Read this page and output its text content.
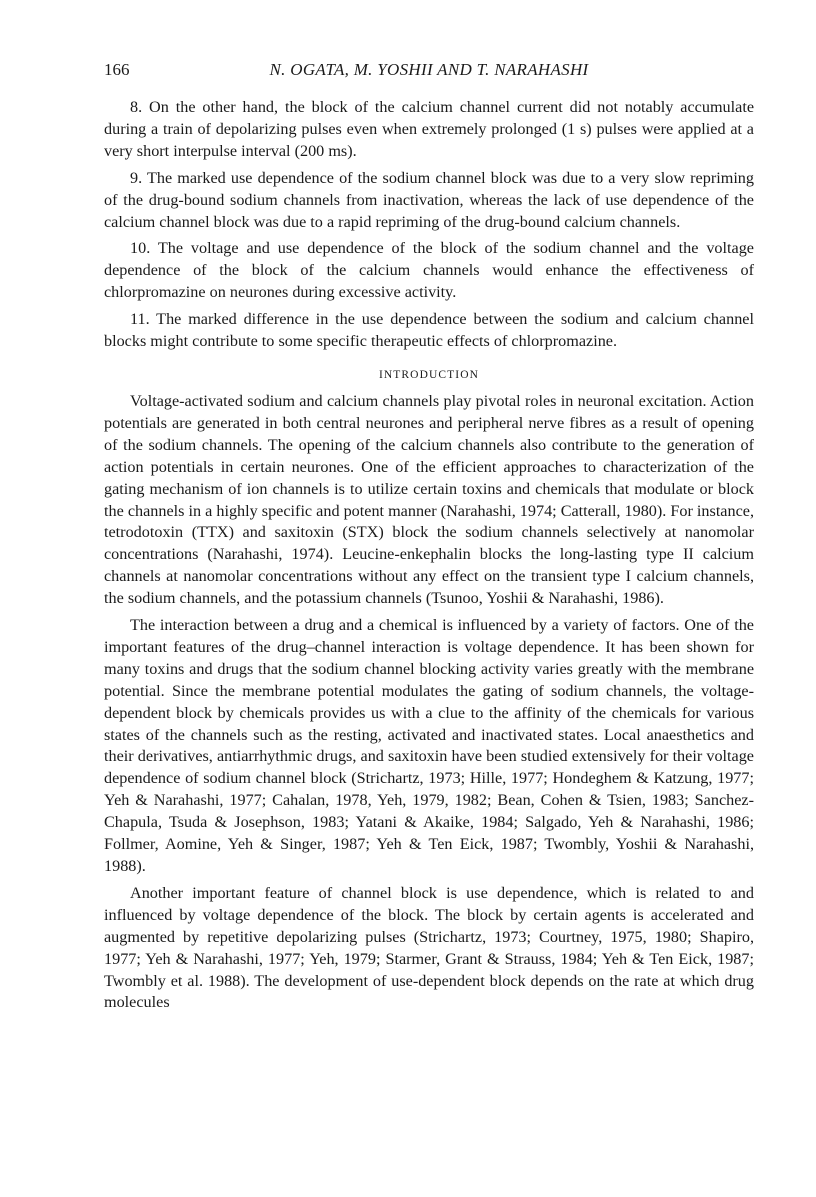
166	N. OGATA, M. YOSHII AND T. NARAHASHI

8. On the other hand, the block of the calcium channel current did not notably accumulate during a train of depolarizing pulses even when extremely prolonged (1 s) pulses were applied at a very short interpulse interval (200 ms).

9. The marked use dependence of the sodium channel block was due to a very slow repriming of the drug-bound sodium channels from inactivation, whereas the lack of use dependence of the calcium channel block was due to a rapid repriming of the drug-bound calcium channels.

10. The voltage and use dependence of the block of the sodium channel and the voltage dependence of the block of the calcium channels would enhance the effectiveness of chlorpromazine on neurones during excessive activity.

11. The marked difference in the use dependence between the sodium and calcium channel blocks might contribute to some specific therapeutic effects of chlorpromazine.

INTRODUCTION

Voltage-activated sodium and calcium channels play pivotal roles in neuronal excitation. Action potentials are generated in both central neurones and peripheral nerve fibres as a result of opening of the sodium channels. The opening of the calcium channels also contribute to the generation of action potentials in certain neurones. One of the efficient approaches to characterization of the gating mechanism of ion channels is to utilize certain toxins and chemicals that modulate or block the channels in a highly specific and potent manner (Narahashi, 1974; Catterall, 1980). For instance, tetrodotoxin (TTX) and saxitoxin (STX) block the sodium channels selectively at nanomolar concentrations (Narahashi, 1974). Leucine-enkephalin blocks the long-lasting type II calcium channels at nanomolar concentrations without any effect on the transient type I calcium channels, the sodium channels, and the potassium channels (Tsunoo, Yoshii & Narahashi, 1986).

The interaction between a drug and a chemical is influenced by a variety of factors. One of the important features of the drug–channel interaction is voltage dependence. It has been shown for many toxins and drugs that the sodium channel blocking activity varies greatly with the membrane potential. Since the membrane potential modulates the gating of sodium channels, the voltage-dependent block by chemicals provides us with a clue to the affinity of the chemicals for various states of the channels such as the resting, activated and inactivated states. Local anaesthetics and their derivatives, antiarrhythmic drugs, and saxitoxin have been studied extensively for their voltage dependence of sodium channel block (Strichartz, 1973; Hille, 1977; Hondeghem & Katzung, 1977; Yeh & Narahashi, 1977; Cahalan, 1978, Yeh, 1979, 1982; Bean, Cohen & Tsien, 1983; Sanchez-Chapula, Tsuda & Josephson, 1983; Yatani & Akaike, 1984; Salgado, Yeh & Narahashi, 1986; Follmer, Aomine, Yeh & Singer, 1987; Yeh & Ten Eick, 1987; Twombly, Yoshii & Narahashi, 1988).

Another important feature of channel block is use dependence, which is related to and influenced by voltage dependence of the block. The block by certain agents is accelerated and augmented by repetitive depolarizing pulses (Strichartz, 1973; Courtney, 1975, 1980; Shapiro, 1977; Yeh & Narahashi, 1977; Yeh, 1979; Starmer, Grant & Strauss, 1984; Yeh & Ten Eick, 1987; Twombly et al. 1988). The development of use-dependent block depends on the rate at which drug molecules
